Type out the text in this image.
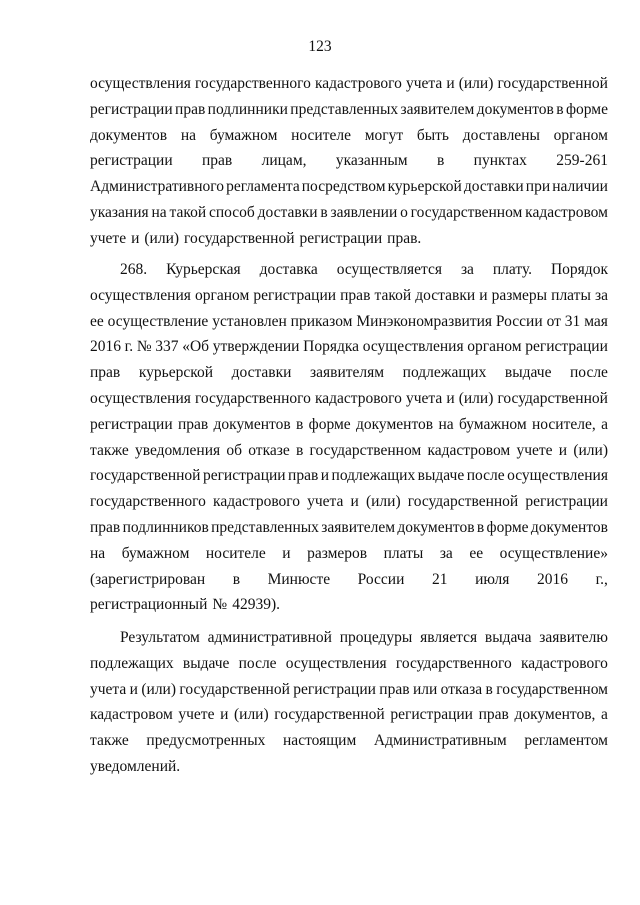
123
осуществления государственного кадастрового учета и (или) государственной
регистрации прав подлинники представленных заявителем документов в форме
документов на бумажном носителе могут быть доставлены органом
регистрации прав лицам, указанным в пунктах 259-261
Административного регламента посредством курьерской доставки при наличии
указания на такой способ доставки в заявлении о государственном кадастровом
учете и (или) государственной регистрации прав.
268. Курьерская доставка осуществляется за плату. Порядок
осуществления органом регистрации прав такой доставки и размеры платы за
ее осуществление установлен приказом Минэкономразвития России от 31 мая
2016 г. № 337 «Об утверждении Порядка осуществления органом регистрации
прав курьерской доставки заявителям подлежащих выдаче после
осуществления государственного кадастрового учета и (или) государственной
регистрации прав документов в форме документов на бумажном носителе, а
также уведомления об отказе в государственном кадастровом учете и (или)
государственной регистрации прав и подлежащих выдаче после осуществления
государственного кадастрового учета и (или) государственной регистрации
прав подлинников представленных заявителем документов в форме документов
на бумажном носителе и размеров платы за ее осуществление»
(зарегистрирован в Минюсте России 21 июля 2016 г.,
регистрационный № 42939).
Результатом административной процедуры является выдача заявителю
подлежащих выдаче после осуществления государственного кадастрового
учета и (или) государственной регистрации прав или отказа в государственном
кадастровом учете и (или) государственной регистрации прав документов, а
также предусмотренных настоящим Административным регламентом
уведомлений.
